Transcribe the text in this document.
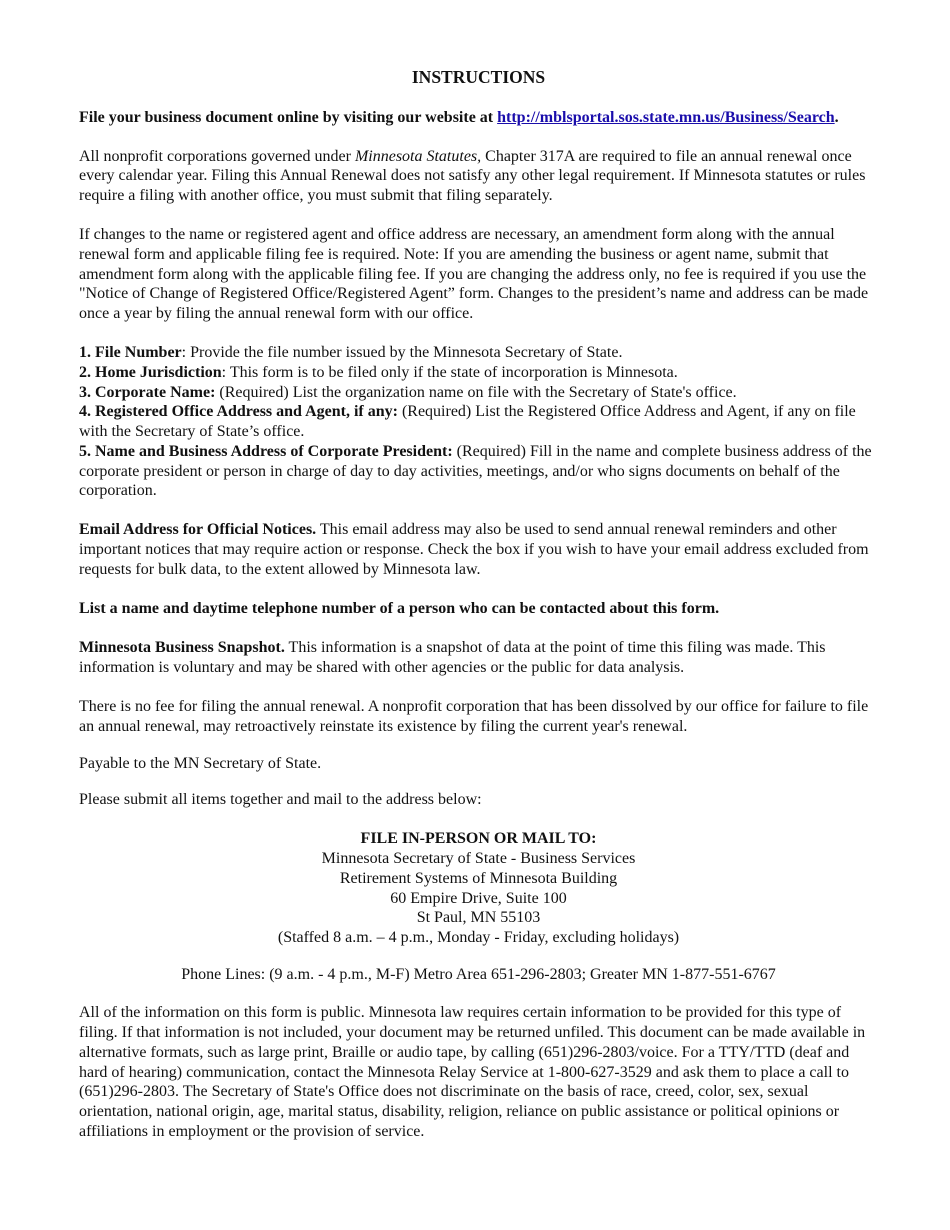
INSTRUCTIONS

File your business document online by visiting our website at http://mblsportal.sos.state.mn.us/Business/Search.

All nonprofit corporations governed under Minnesota Statutes, Chapter 317A are required to file an annual renewal once every calendar year. Filing this Annual Renewal does not satisfy any other legal requirement. If Minnesota statutes or rules require a filing with another office, you must submit that filing separately.

If changes to the name or registered agent and office address are necessary, an amendment form along with the annual renewal form and applicable filing fee is required. Note: If you are amending the business or agent name, submit that amendment form along with the applicable filing fee. If you are changing the address only, no fee is required if you use the "Notice of Change of Registered Office/Registered Agent” form. Changes to the president’s name and address can be made once a year by filing the annual renewal form with our office.

1. File Number: Provide the file number issued by the Minnesota Secretary of State.

2. Home Jurisdiction: This form is to be filed only if the state of incorporation is Minnesota.

3. Corporate Name: (Required) List the organization name on file with the Secretary of State's office.

4. Registered Office Address and Agent, if any: (Required) List the Registered Office Address and Agent, if any on file with the Secretary of State’s office.

5. Name and Business Address of Corporate President: (Required) Fill in the name and complete business address of the corporate president or person in charge of day to day activities, meetings, and/or who signs documents on behalf of the corporation.

Email Address for Official Notices. This email address may also be used to send annual renewal reminders and other important notices that may require action or response. Check the box if you wish to have your email address excluded from requests for bulk data, to the extent allowed by Minnesota law.

List a name and daytime telephone number of a person who can be contacted about this form.

Minnesota Business Snapshot. This information is a snapshot of data at the point of time this filing was made. This information is voluntary and may be shared with other agencies or the public for data analysis.

There is no fee for filing the annual renewal. A nonprofit corporation that has been dissolved by our office for failure to file an annual renewal, may retroactively reinstate its existence by filing the current year's renewal.

Payable to the MN Secretary of State.

Please submit all items together and mail to the address below:

FILE IN-PERSON OR MAIL TO:
Minnesota Secretary of State - Business Services
Retirement Systems of Minnesota Building
60 Empire Drive, Suite 100
St Paul, MN 55103
(Staffed 8 a.m. – 4 p.m., Monday - Friday, excluding holidays)

Phone Lines: (9 a.m. - 4 p.m., M-F) Metro Area 651-296-2803; Greater MN 1-877-551-6767

All of the information on this form is public. Minnesota law requires certain information to be provided for this type of filing. If that information is not included, your document may be returned unfiled. This document can be made available in alternative formats, such as large print, Braille or audio tape, by calling (651)296-2803/voice. For a TTY/TTD (deaf and hard of hearing) communication, contact the Minnesota Relay Service at 1-800-627-3529 and ask them to place a call to (651)296-2803. The Secretary of State's Office does not discriminate on the basis of race, creed, color, sex, sexual orientation, national origin, age, marital status, disability, religion, reliance on public assistance or political opinions or affiliations in employment or the provision of service.
